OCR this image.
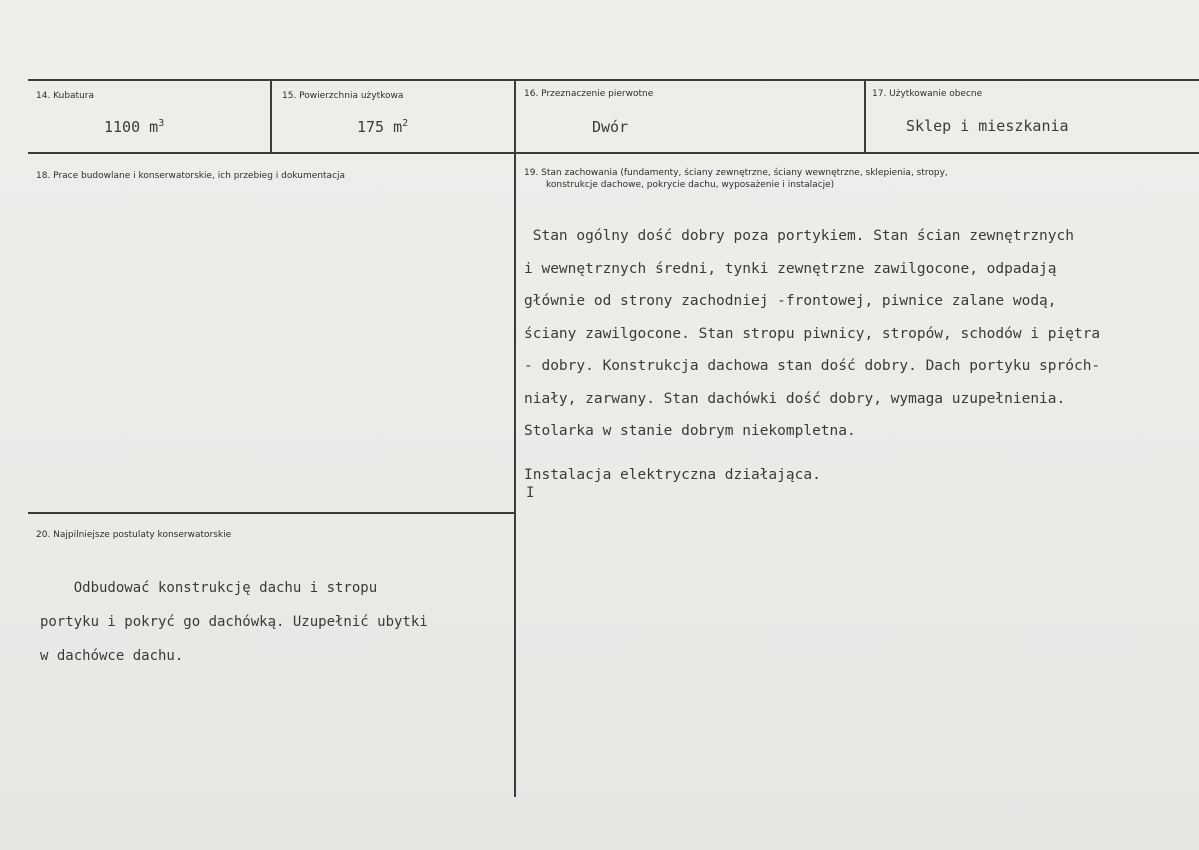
14. Kubatura
1100 $m^3$
15. Powierzchnia użytkowa
175 $m^2$
16. Przeznaczenie pierwotne
Dwór
17. Użytkowanie obecne
Sklep i mieszkania
18. Prace budowlane i konserwatorskie, ich przebieg i dokumentacja	19. Stan zachowania (fundamenty, ściany zewnętrzne, ściany wewnętrzne, sklepienia, stropy,
konstrukcje dachowe, pokrycie dachu, wyposażenie i instalacje)
Stan ogólny dość dobry poza portykiem. Stan ścian zewnętrznych
i wewnętrznych średni, tynki zewnętrzne zawilgocone, odpadają
głównie od strony zachodniej -frontowej, piwnice zalane wodą,
ściany zawilgocone. Stan stropu piwnicy, stropów, schodów i piętra
- dobry. Konstrukcja dachowa stan dość dobry. Dach portyku spróch-
niały, zarwany. Stan dachówki dość dobry, wymaga uzupełnienia.
Stolarka w stanie dobrym niekompletna.
Instalacja elektryczna działająca.
I
20. Najpilniejsze postulaty konserwatorskie
Odbudować konstrukcję dachu i stropu
portyku i pokryć go dachówką. Uzupełnić ubytki
w dachówce dachu.
